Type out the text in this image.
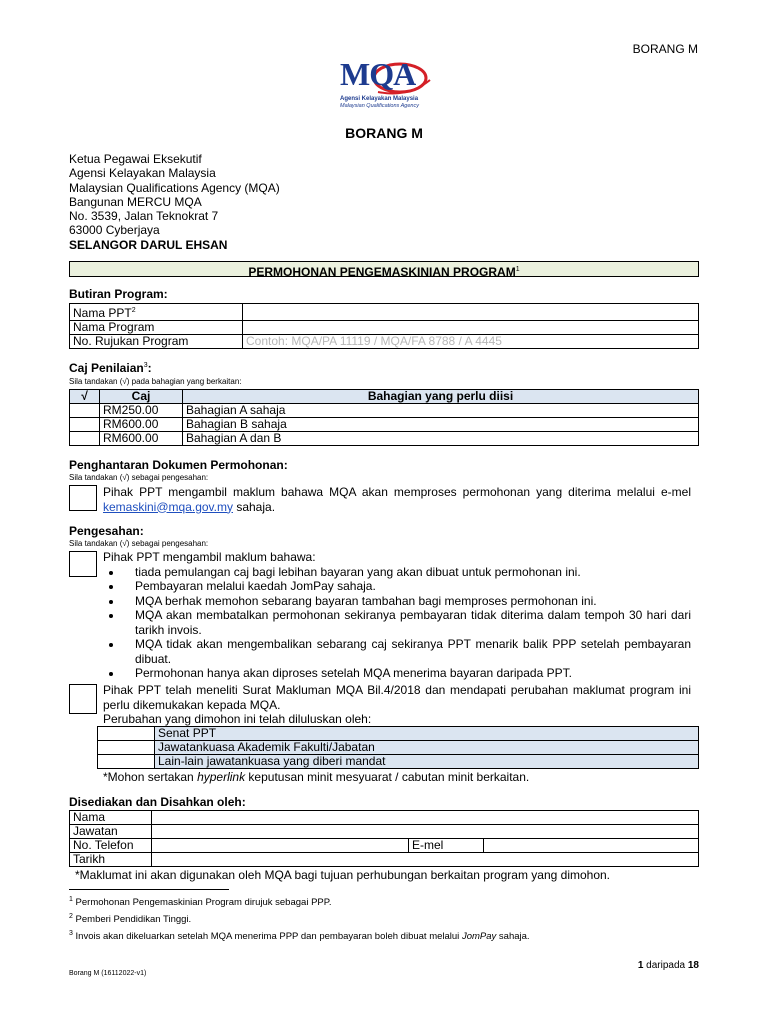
BORANG M
MQA
Agensi Kelayakan Malaysia
Malaysian Qualifications Agency
BORANG M
Ketua Pegawai Eksekutif
Agensi Kelayakan Malaysia
Malaysian Qualifications Agency (MQA)
Bangunan MERCU MQA
No. 3539, Jalan Teknokrat 7
63000 Cyberjaya
SELANGOR DARUL EHSAN
PERMOHONAN PENGEMASKINIAN PROGRAM$^1$
Butiran Program:
Nama PPT$^2$	
Nama Program	
No. Rujukan Program	Contoh: MQA/PA 11119 / MQA/FA 8788 / A 4445
Caj Penilaian$^3$:
Sila tandakan (√) pada bahagian yang berkaitan:
√	Caj	Bahagian yang perlu diisi
	RM250.00	Bahagian A sahaja
	RM600.00	Bahagian B sahaja
	RM600.00	Bahagian A dan B
Penghantaran Dokumen Permohonan:
Sila tandakan (√) sebagai pengesahan:
Pihak PPT mengambil maklum bahawa MQA akan memproses permohonan yang diterima melalui e-mel kemaskini@mqa.gov.my sahaja.
Pengesahan:
Sila tandakan (√) sebagai pengesahan:
Pihak PPT mengambil maklum bahawa:
• tiada pemulangan caj bagi lebihan bayaran yang akan dibuat untuk permohonan ini.
• Pembayaran melalui kaedah JomPay sahaja.
• MQA berhak memohon sebarang bayaran tambahan bagi memproses permohonan ini.
• MQA akan membatalkan permohonan sekiranya pembayaran tidak diterima dalam tempoh 30 hari dari tarikh invois.
• MQA tidak akan mengembalikan sebarang caj sekiranya PPT menarik balik PPP setelah pembayaran dibuat.
• Permohonan hanya akan diproses setelah MQA menerima bayaran daripada PPT.
Pihak PPT telah meneliti Surat Makluman MQA Bil.4/2018 dan mendapati perubahan maklumat program ini perlu dikemukakan kepada MQA.
Perubahan yang dimohon ini telah diluluskan oleh:
	Senat PPT
	Jawatankuasa Akademik Fakulti/Jabatan
	Lain-lain jawatankuasa yang diberi mandat
*Mohon sertakan hyperlink keputusan minit mesyuarat / cabutan minit berkaitan.
Disediakan dan Disahkan oleh:
Nama			
Jawatan			
No. Telefon		E-mel	
Tarikh			
*Maklumat ini akan digunakan oleh MQA bagi tujuan perhubungan berkaitan program yang dimohon.
$^1$ Permohonan Pengemaskinian Program dirujuk sebagai PPP.
$^2$ Pemberi Pendidikan Tinggi.
$^3$ Invois akan dikeluarkan setelah MQA menerima PPP dan pembayaran boleh dibuat melalui JomPay sahaja.
1 daripada 18
Borang M (16112022-v1)
